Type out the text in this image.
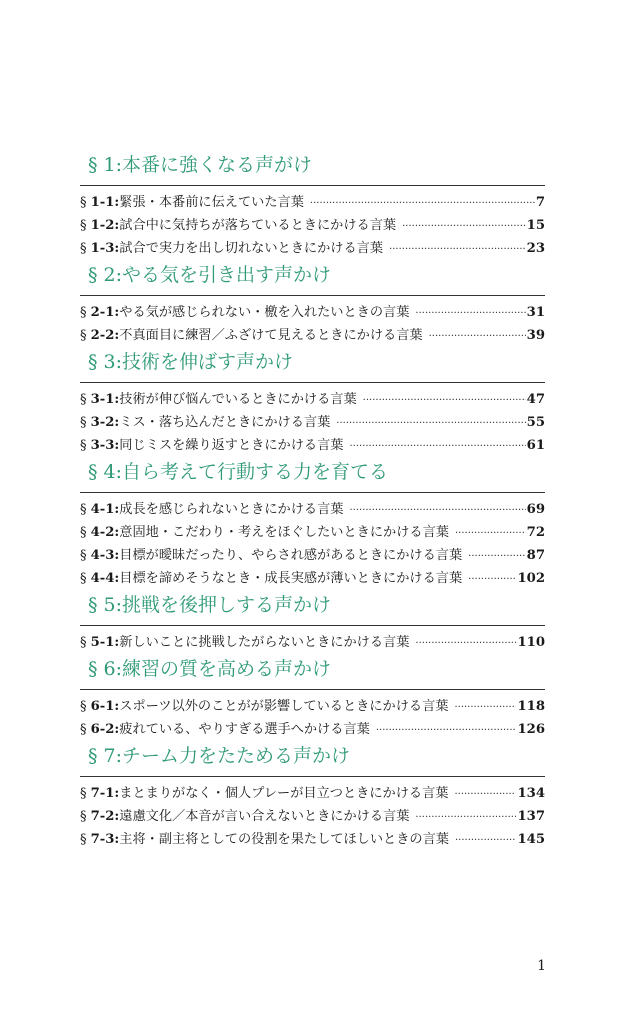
§ 1:本番に強くなる声がけ
§ 1-1: 緊張・本番前に伝えていた言葉 ·····	7
§ 1-2: 試合中に気持ちが落ちているときにかける言葉 ·····	15
§ 1-3: 試合で実力を出し切れないときにかける言葉 ·····	23
§ 2:やる気を引き出す声かけ
§ 2-1: やる気が感じられない・檄を入れたいときの言葉 ·····	31
§ 2-2: 不真面目に練習／ふざけて見えるときにかける言葉 ·····	39
§ 3:技術を伸ばす声かけ
§ 3-1: 技術が伸び悩んでいるときにかける言葉 ·····	47
§ 3-2: ミス・落ち込んだときにかける言葉 ·····	55
§ 3-3: 同じミスを繰り返すときにかける言葉 ·····	61
§ 4:自ら考えて行動する力を育てる
§ 4-1: 成長を感じられないときにかける言葉 ·····	69
§ 4-2: 意固地・こだわり・考えをほぐしたいときにかける言葉 ·····	72
§ 4-3: 目標が曖昧だったり、やらされ感があるときにかける言葉 ·····	87
§ 4-4: 目標を諦めそうなとき・成長実感が薄いときにかける言葉 ·····	102
§ 5:挑戦を後押しする声かけ
§ 5-1: 新しいことに挑戦したがらないときにかける言葉 ·····	110
§ 6:練習の質を高める声かけ
§ 6-1: スポーツ以外のことがが影響しているときにかける言葉 ·····	118
§ 6-2: 疲れている、やりすぎる選手へかける言葉 ·····	126
§ 7:チーム力をたためる声かけ
§ 7-1: まとまりがなく・個人プレーが目立つときにかける言葉 ·····	134
§ 7-2: 遠慮文化／本音が言い合えないときにかける言葉 ·····	137
§ 7-3: 主将・副主将としての役割を果たしてほしいときの言葉 ·····	145
1
